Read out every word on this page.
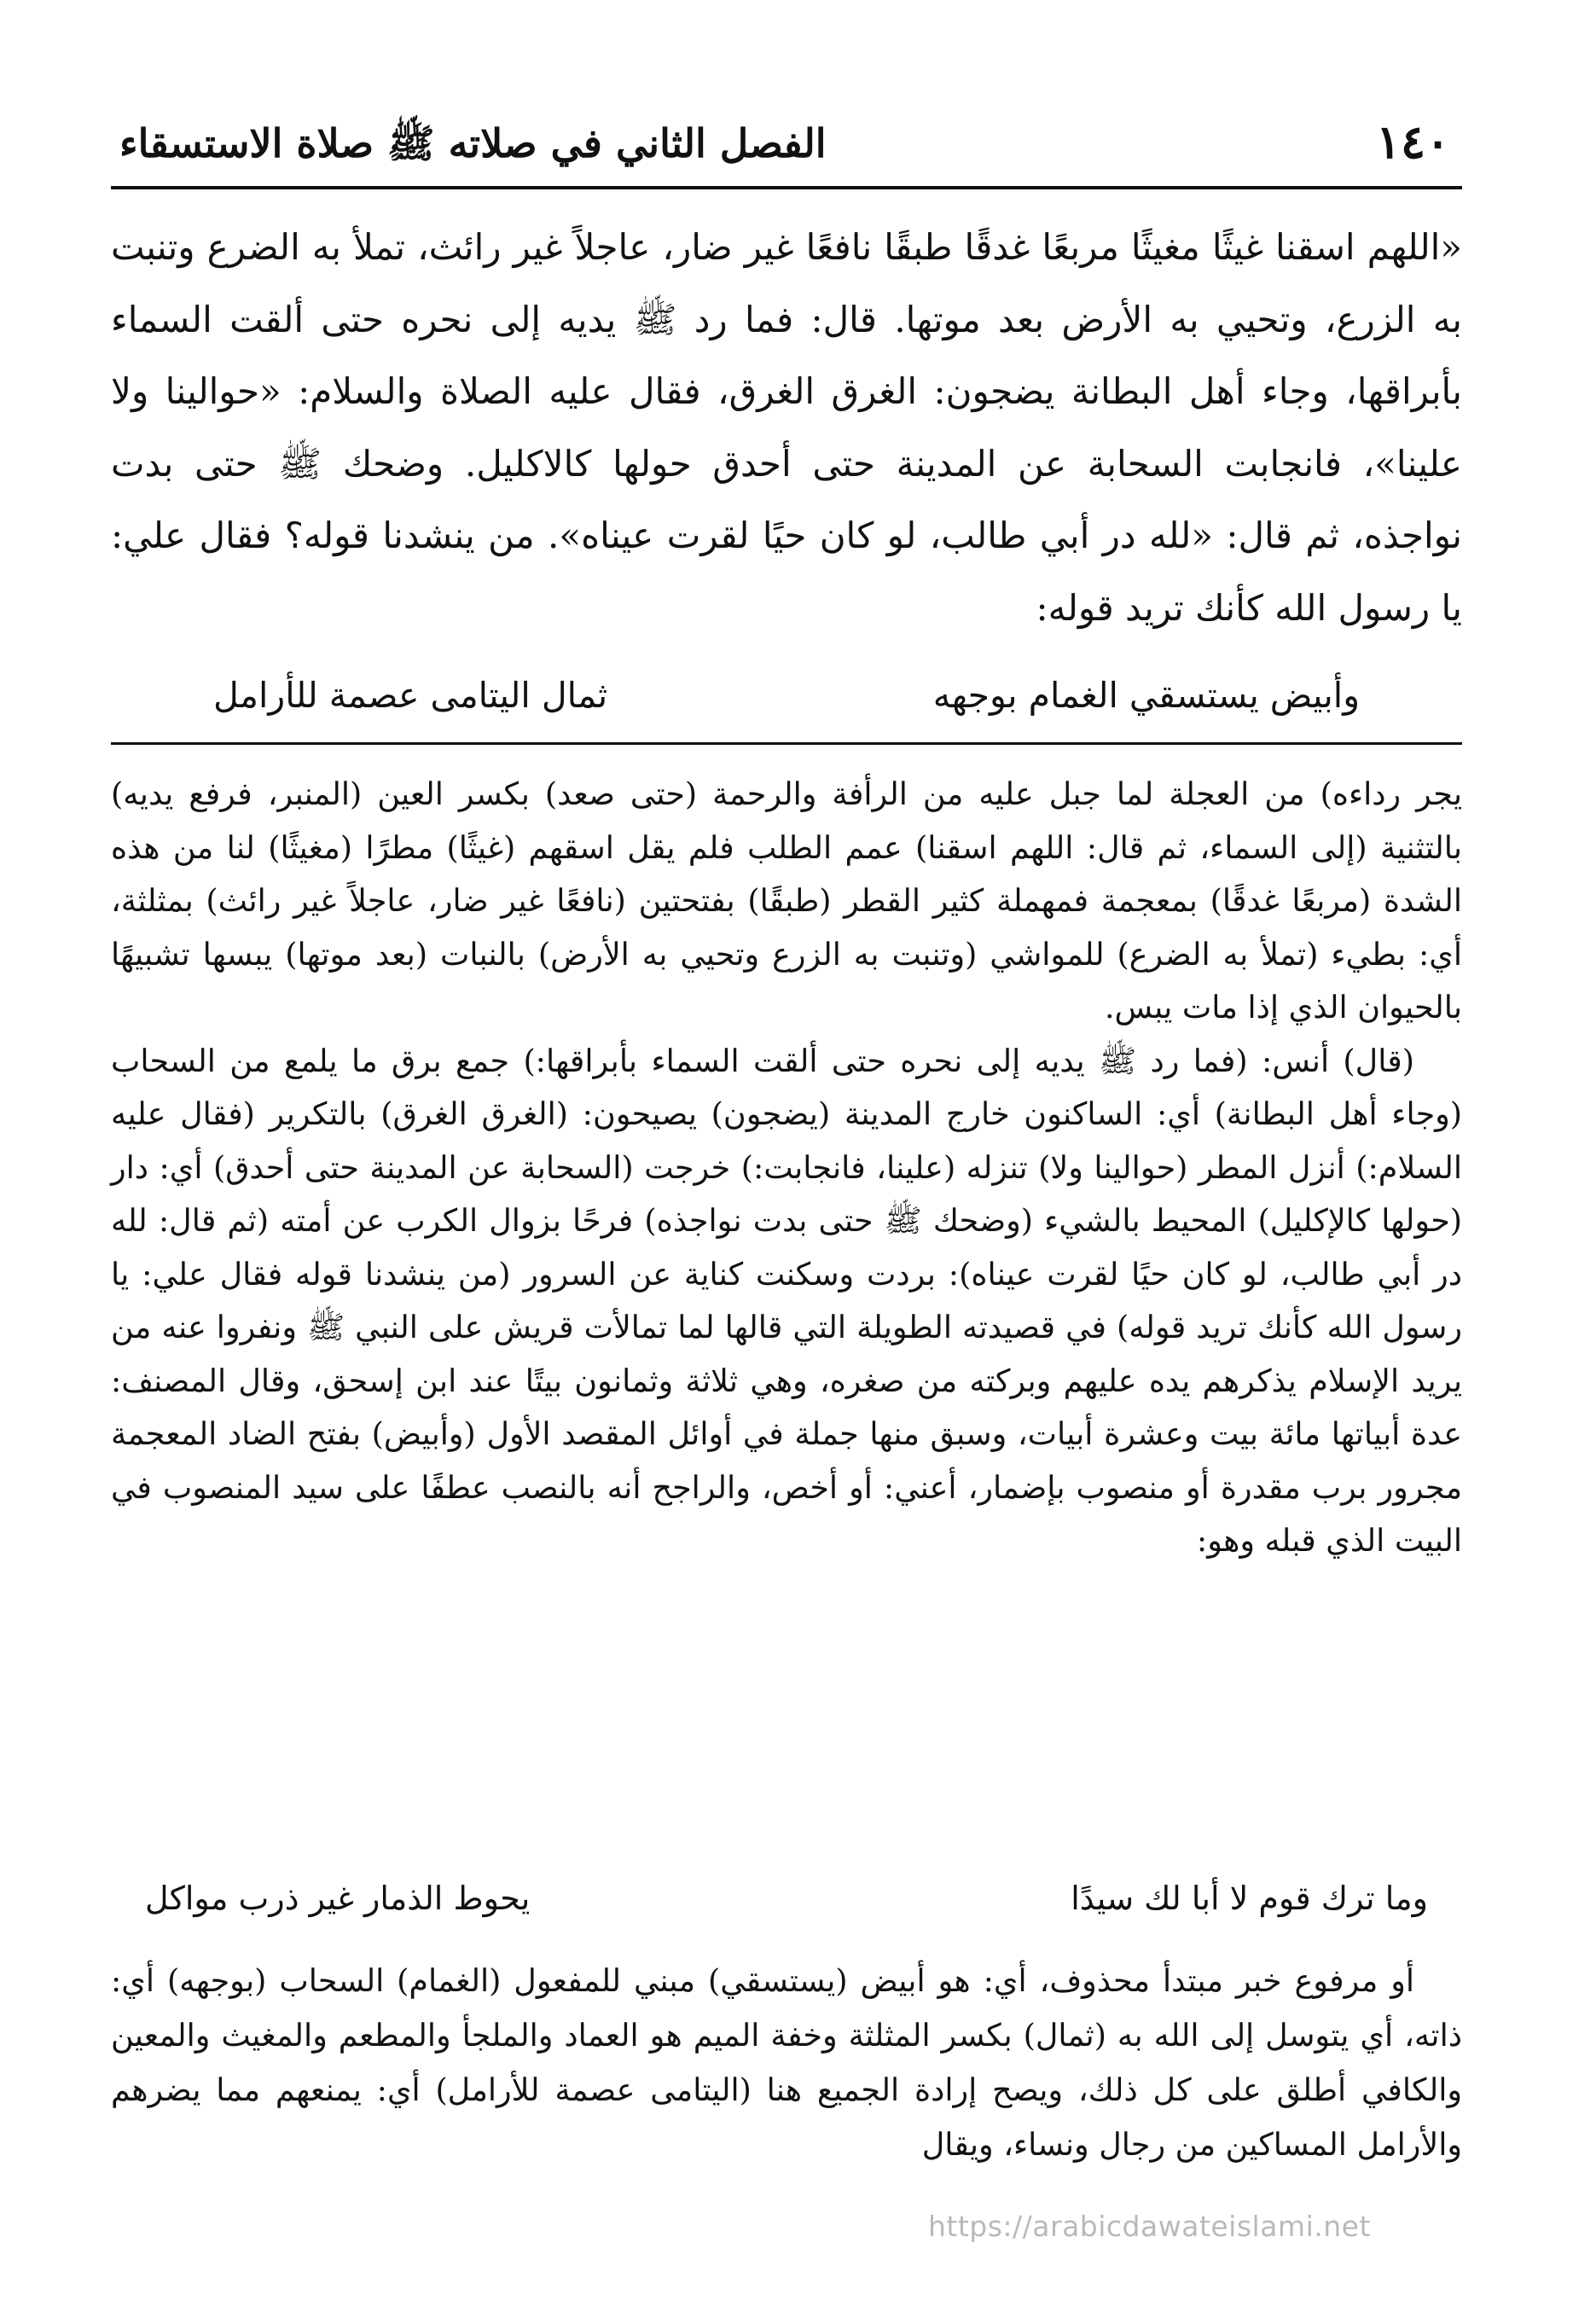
١٤٠
الفصل الثاني في صلاته ﷺ صلاة الاستسقاء

«اللهم اسقنا غيثًا مغيثًا مربعًا غدقًا طبقًا نافعًا غير ضار، عاجلاً غير رائث، تملأ به الضرع وتنبت به الزرع، وتحيي به الأرض بعد موتها. قال: فما رد ﷺ يديه إلى نحره حتى ألقت السماء بأبراقها، وجاء أهل البطانة يضجون: الغرق الغرق، فقال عليه الصلاة والسلام: «حوالينا ولا علينا»، فانجابت السحابة عن المدينة حتى أحدق حولها كالاكليل. وضحك ﷺ حتى بدت نواجذه، ثم قال: «لله در أبي طالب، لو كان حيًا لقرت عيناه». من ينشدنا قوله؟ فقال علي: يا رسول الله كأنك تريد قوله:

وأبيض يستسقي الغمام بوجهه
ثمال اليتامى عصمة للأرامل

يجر رداءه) من العجلة لما جبل عليه من الرأفة والرحمة (حتى صعد) بكسر العين (المنبر، فرفع يديه) بالتثنية (إلى السماء، ثم قال: اللهم اسقنا) عمم الطلب فلم يقل اسقهم (غيثًا) مطرًا (مغيثًا) لنا من هذه الشدة (مربعًا غدقًا) بمعجمة فمهملة كثير القطر (طبقًا) بفتحتين (نافعًا غير ضار، عاجلاً غير رائث) بمثلثة، أي: بطيء (تملأ به الضرع) للمواشي (وتنبت به الزرع وتحيي به الأرض) بالنبات (بعد موتها) يبسها تشبيهًا بالحيوان الذي إذا مات يبس.

(قال) أنس: (فما رد ﷺ يديه إلى نحره حتى ألقت السماء بأبراقها:) جمع برق ما يلمع من السحاب (وجاء أهل البطانة) أي: الساكنون خارج المدينة (يضجون) يصيحون: (الغرق الغرق) بالتكرير (فقال عليه السلام:) أنزل المطر (حوالينا ولا) تنزله (علينا، فانجابت:) خرجت (السحابة عن المدينة حتى أحدق) أي: دار (حولها كالإكليل) المحيط بالشيء (وضحك ﷺ حتى بدت نواجذه) فرحًا بزوال الكرب عن أمته (ثم قال: لله در أبي طالب، لو كان حيًا لقرت عيناه): بردت وسكنت كناية عن السرور (من ينشدنا قوله فقال علي: يا رسول الله كأنك تريد قوله) في قصيدته الطويلة التي قالها لما تمالأت قريش على النبي ﷺ ونفروا عنه من يريد الإسلام يذكرهم يده عليهم وبركته من صغره، وهي ثلاثة وثمانون بيتًا عند ابن إسحق، وقال المصنف: عدة أبياتها مائة بيت وعشرة أبيات، وسبق منها جملة في أوائل المقصد الأول (وأبيض) بفتح الضاد المعجمة مجرور برب مقدرة أو منصوب بإضمار، أعني: أو أخص، والراجح أنه بالنصب عطفًا على سيد المنصوب في البيت الذي قبله وهو:

وما ترك قوم لا أبا لك سيدًا
يحوط الذمار غير ذرب مواكل

أو مرفوع خبر مبتدأ محذوف، أي: هو أبيض (يستسقي) مبني للمفعول (الغمام) السحاب (بوجهه) أي: ذاته، أي يتوسل إلى الله به (ثمال) بكسر المثلثة وخفة الميم هو العماد والملجأ والمطعم والمغيث والمعين والكافي أطلق على كل ذلك، ويصح إرادة الجميع هنا (اليتامى عصمة للأرامل) أي: يمنعهم مما يضرهم والأرامل المساكين من رجال ونساء، ويقال

https://arabicdawateislami.net
